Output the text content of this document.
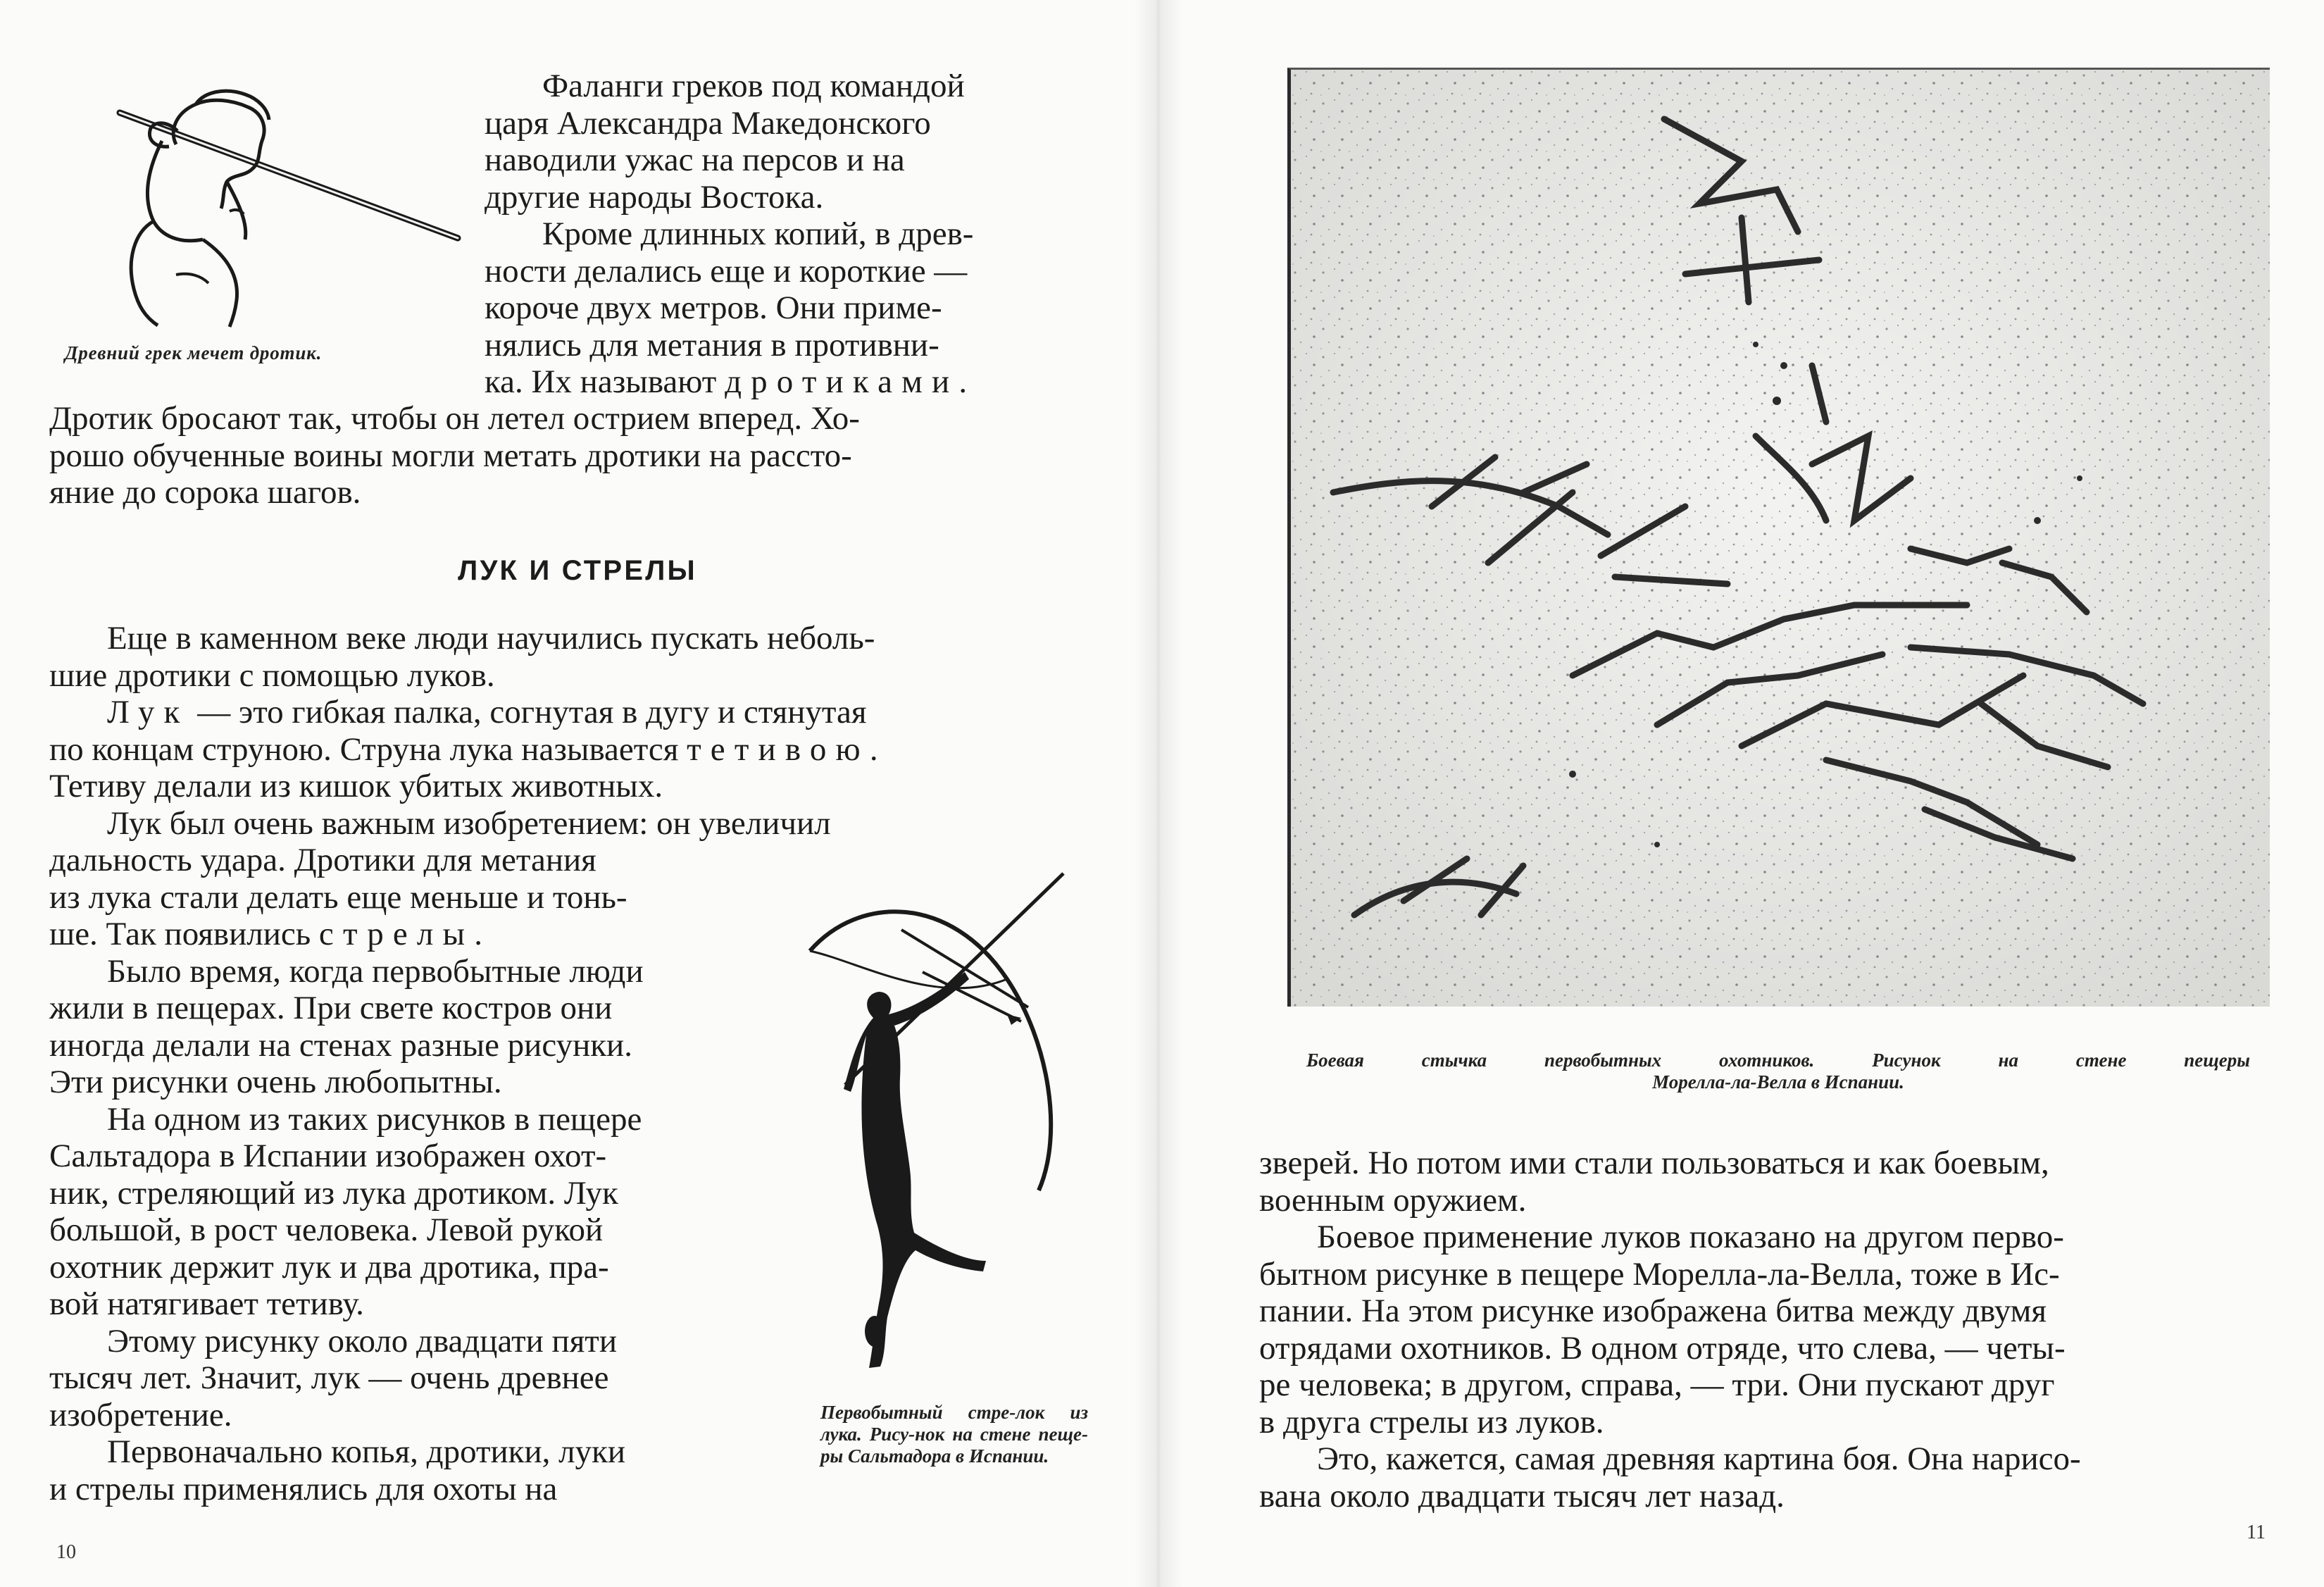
Древний грек мечет дротик.

Фаланги греков под командой
царя Александра Македонского
наводили ужас на персов и на
другие народы Востока.

Кроме длинных копий, в древ-
ности делались еще и короткие —
короче двух метров. Они приме-
нялись для метания в противни-
ка. Их называют дротиками.

Дротик бросают так, чтобы он летел острием вперед. Хо-
рошо обученные воины могли метать дротики на рассто-
яние до сорока шагов.
ЛУК И СТРЕЛЫ

Еще в каменном веке люди научились пускать неболь-
шие дротики с помощью луков.

Лук — это гибкая палка, согнутая в дугу и стянутая
по концам струною. Струна лука называется тетивою.
Тетиву делали из кишок убитых животных.

Лук был очень важным изобретением: он увеличил

дальность удара. Дротики для метания
из лука стали делать еще меньше и тонь-
ше. Так появились стрелы.

Было время, когда первобытные люди
жили в пещерах. При свете костров они
иногда делали на стенах разные рисунки.
Эти рисунки очень любопытны.

На одном из таких рисунков в пещере
Сальтадора в Испании изображен охот-
ник, стреляющий из лука дротиком. Лук
большой, в рост человека. Левой рукой
охотник держит лук и два дротика, пра-
вой натягивает тетиву.

Этому рисунку около двадцати пяти
тысяч лет. Значит, лук — очень древнее
изобретение.

Первоначально копья, дротики, луки
и стрелы применялись для охоты на

Первобытный стре-лок из лука. Рису-нок на стене пеще-ры Сальтадора в Испании.
10
Боевая стычка первобытных охотников. Рисунок на стене пещеры
Морелла-ла-Велла в Испании.

зверей. Но потом ими стали пользоваться и как боевым,
военным оружием.

Боевое применение луков показано на другом перво-
бытном рисунке в пещере Морелла-ла-Велла, тоже в Ис-
пании. На этом рисунке изображена битва между двумя
отрядами охотников. В одном отряде, что слева, — четы-
ре человека; в другом, справа, — три. Они пускают друг
в друга стрелы из луков.

Это, кажется, самая древняя картина боя. Она нарисо-
вана около двадцати тысяч лет назад.

11
